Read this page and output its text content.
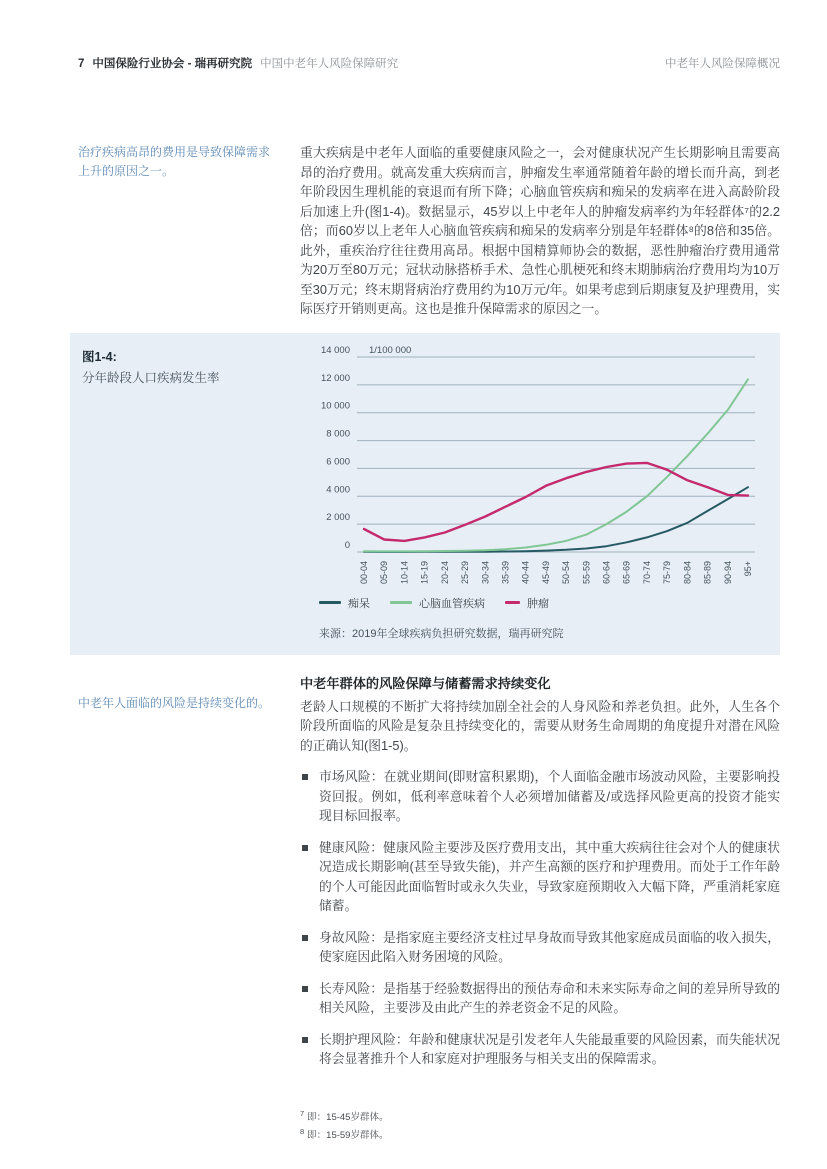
7 中国保险行业协会 - 瑞再研究院 中国中老年人风险保障研究	中老年人风险保障概况
治疗疾病高昂的费用是导致保障需求上升的原因之一。

重大疾病是中老年人面临的重要健康风险之一，会对健康状况产生长期影响且需要高昂的治疗费用。就高发重大疾病而言，肿瘤发生率通常随着年龄的增长而升高，到老年阶段因生理机能的衰退而有所下降；心脑血管疾病和痴呆的发病率在进入高龄阶段后加速上升(图1-4)。数据显示，45岁以上中老年人的肿瘤发病率约为年轻群体⁷的2.2倍；而60岁以上老年人心脑血管疾病和痴呆的发病率分别是年轻群体⁸的8倍和35倍。此外，重疾治疗往往费用高昂。根据中国精算师协会的数据，恶性肿瘤治疗费用通常为20万至80万元；冠状动脉搭桥手术、急性心肌梗死和终末期肺病治疗费用均为10万至30万元；终末期肾病治疗费用约为10万元/年。如果考虑到后期康复及护理费用，实际医疗开销则更高。这也是推升保障需求的原因之一。

图1-4:
分年龄段人口疾病发生率
0
2 000
4 000
6 000
8 000
10 000
12 000
14 000 1/100 000
00-04 05-09 10-14 15-19 20-24 25-29 30-34 35-39 40-44 45-49 50-54 55-59 60-64 65-69 70-74 75-79 80-84 85-89 90-94 95+
痴呆	心脑血管疾病	肿瘤
来源：2019年全球疾病负担研究数据，瑞再研究院
中老年人面临的风险是持续变化的。
中老年群体的风险保障与储蓄需求持续变化

老龄人口规模的不断扩大将持续加剧全社会的人身风险和养老负担。此外，人生各个阶段所面临的风险是复杂且持续变化的，需要从财务生命周期的角度提升对潜在风险的正确认知(图1-5)。

市场风险：在就业期间(即财富积累期)，个人面临金融市场波动风险，主要影响投资回报。例如，低利率意味着个人必须增加储蓄及/或选择风险更高的投资才能实现目标回报率。
健康风险：健康风险主要涉及医疗费用支出，其中重大疾病往往会对个人的健康状况造成长期影响(甚至导致失能)，并产生高额的医疗和护理费用。而处于工作年龄的个人可能因此面临暂时或永久失业，导致家庭预期收入大幅下降，严重消耗家庭储蓄。
身故风险：是指家庭主要经济支柱过早身故而导致其他家庭成员面临的收入损失，使家庭因此陷入财务困境的风险。
长寿风险：是指基于经验数据得出的预估寿命和未来实际寿命之间的差异所导致的相关风险，主要涉及由此产生的养老资金不足的风险。
长期护理风险：年龄和健康状况是引发老年人失能最重要的风险因素，而失能状况将会显著推升个人和家庭对护理服务与相关支出的保障需求。
$^7$ 即：15-45岁群体。
$^8$ 即：15-59岁群体。
